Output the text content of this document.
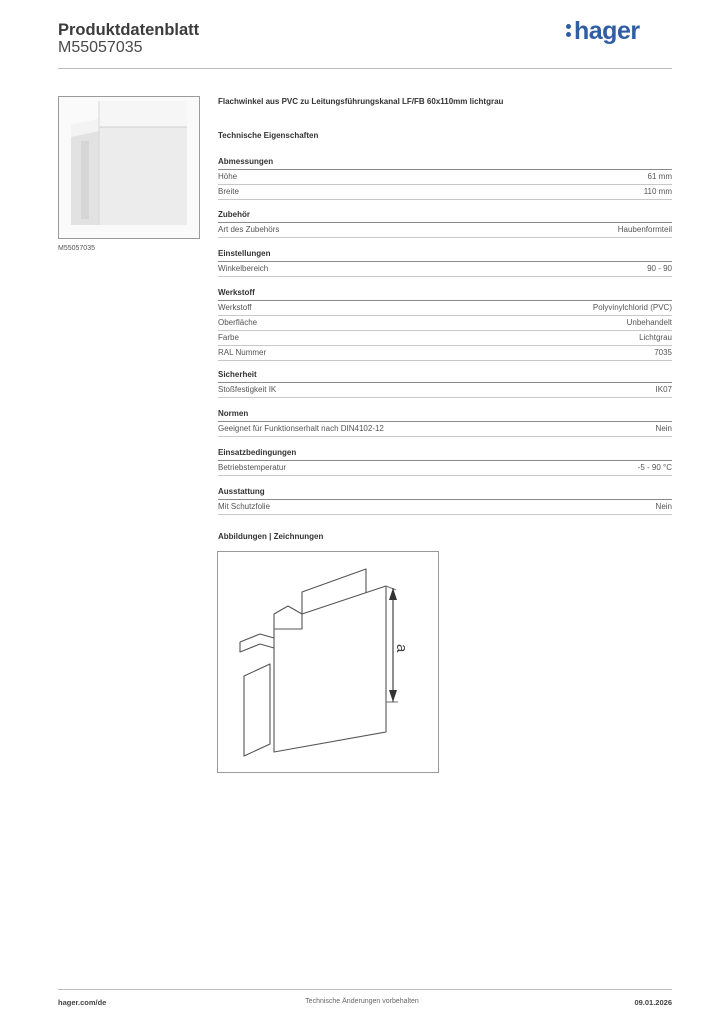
Produktdatenblatt
M55057035
hager
M55057035
Flachwinkel aus PVC zu Leitungsführungskanal LF/FB 60x110mm lichtgrau
Technische Eigenschaften
Abmessungen
Höhe	61 mm
Breite	110 mm
Zubehör
Art des Zubehörs	Haubenformteil
Einstellungen
Winkelbereich	90 - 90
Werkstoff
Werkstoff	Polyvinylchlorid (PVC)
Oberfläche	Unbehandelt
Farbe	Lichtgrau
RAL Nummer	7035
Sicherheit
Stoßfestigkeit IK	IK07
Normen
Geeignet für Funktionserhalt nach DIN4102-12	Nein
Einsatzbedingungen
Betriebstemperatur	-5 - 90 °C
Ausstattung
Mit Schutzfolie	Nein
Abbildungen | Zeichnungen
a
hager.com/de	Technische Änderungen vorbehalten	09.01.2026
